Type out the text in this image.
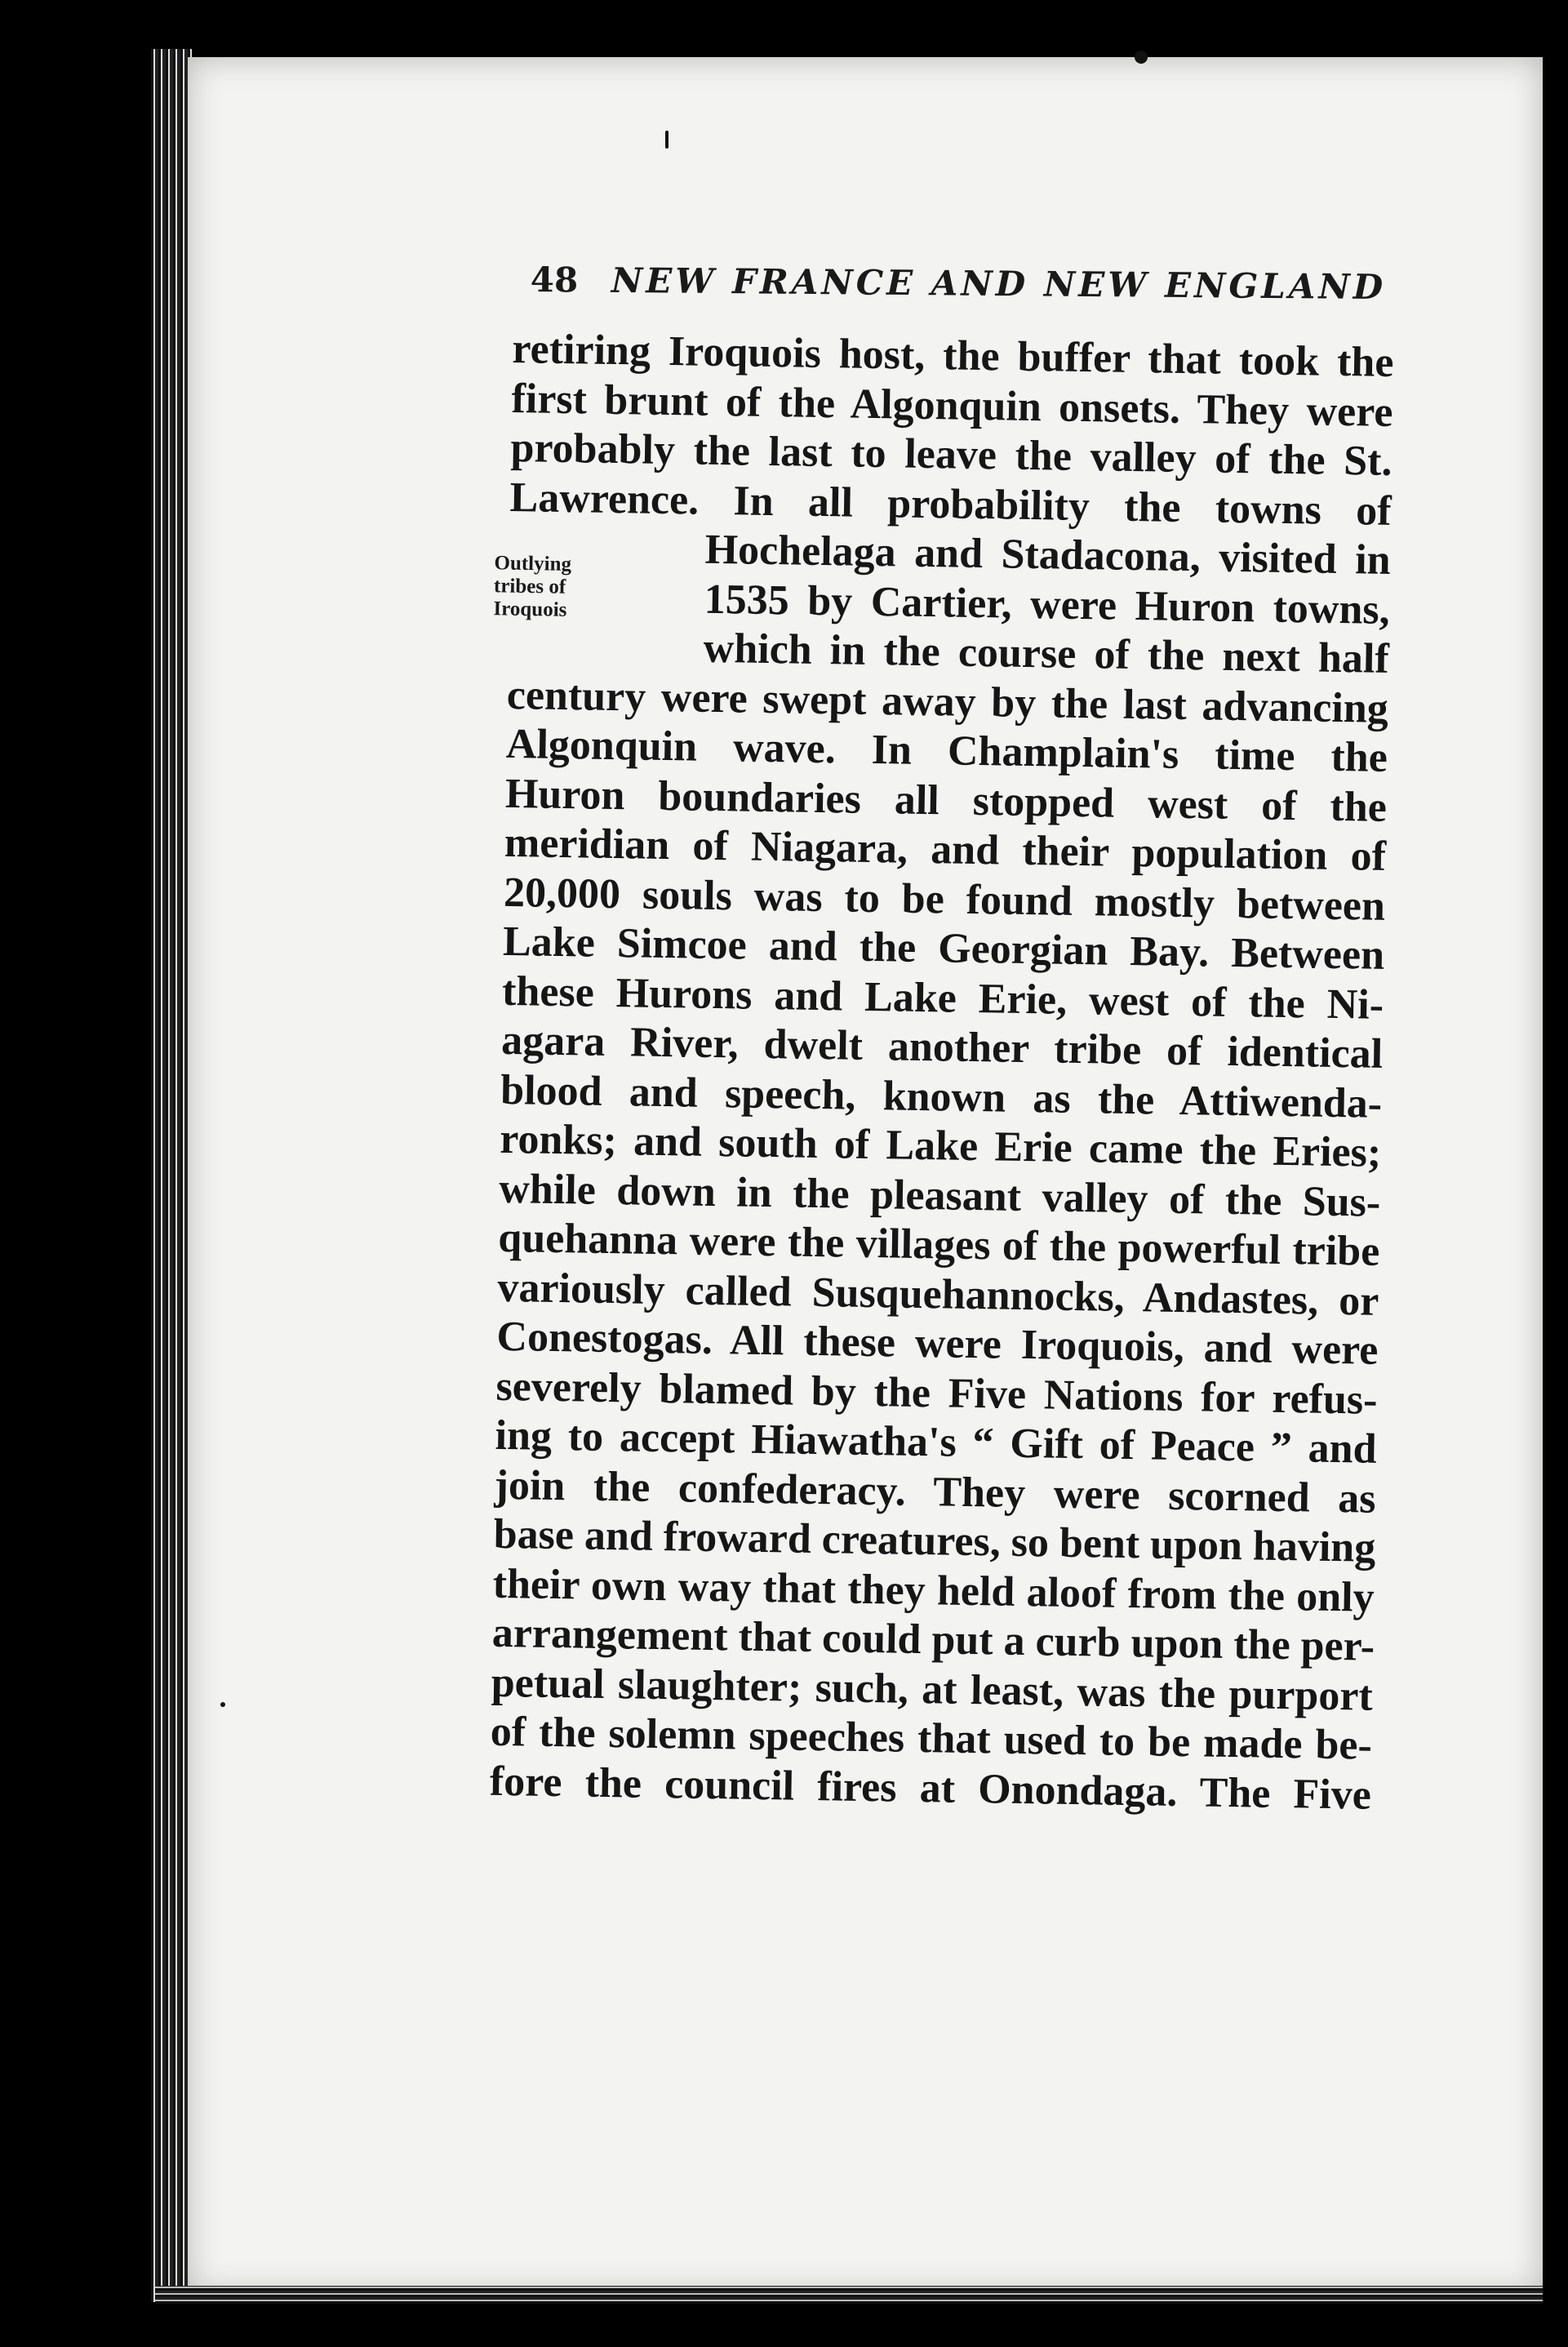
48 NEW FRANCE AND NEW ENGLAND
Outlying
tribes of
Iroquois
retiring Iroquois host, the buffer that took the
first brunt of the Algonquin onsets. They were
probably the last to leave the valley of the St.
Lawrence. In all probability the towns of
Hochelaga and Stadacona, visited in
1535 by Cartier, were Huron towns,
which in the course of the next half
century were swept away by the last advancing
Algonquin wave. In Champlain's time the
Huron boundaries all stopped west of the
meridian of Niagara, and their population of
20,000 souls was to be found mostly between
Lake Simcoe and the Georgian Bay. Between
these Hurons and Lake Erie, west of the Ni-
agara River, dwelt another tribe of identical
blood and speech, known as the Attiwenda-
ronks; and south of Lake Erie came the Eries;
while down in the pleasant valley of the Sus-
quehanna were the villages of the powerful tribe
variously called Susquehannocks, Andastes, or
Conestogas. All these were Iroquois, and were
severely blamed by the Five Nations for refus-
ing to accept Hiawatha's “ Gift of Peace ” and
join the confederacy. They were scorned as
base and froward creatures, so bent upon having
their own way that they held aloof from the only
arrangement that could put a curb upon the per-
petual slaughter; such, at least, was the purport
of the solemn speeches that used to be made be-
fore the council fires at Onondaga. The Five
